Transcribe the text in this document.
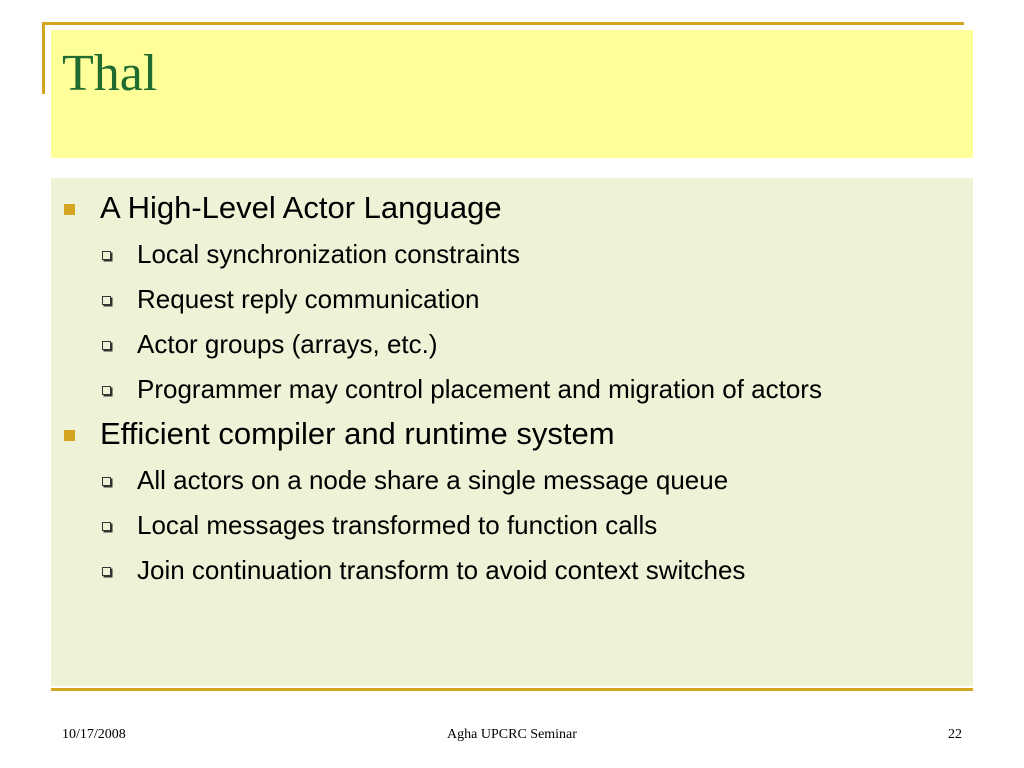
Thal
A High-Level Actor Language
Local synchronization constraints
Request reply communication
Actor groups (arrays, etc.)
Programmer may control placement and migration of actors
Efficient compiler and runtime system
All actors on a node share a single message queue
Local messages transformed to function calls
Join continuation transform to avoid context switches
10/17/2008	Agha UPCRC Seminar	22
